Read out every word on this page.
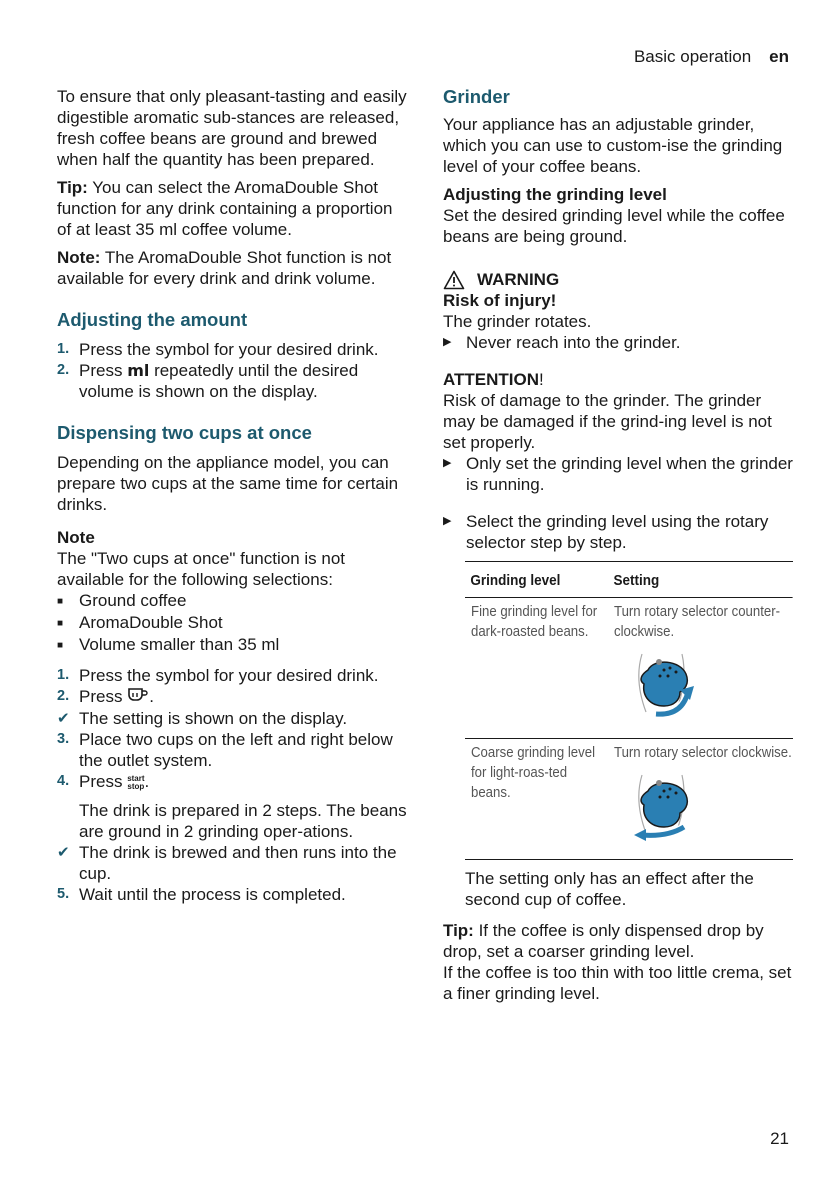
Basic operation en

To ensure that only pleasant-tasting and easily digestible aromatic sub-stances are released, fresh coffee beans are ground and brewed when half the quantity has been prepared.

Tip: You can select the AromaDouble Shot function for any drink containing a proportion of at least 35 ml coffee volume.

Note: The AromaDouble Shot function is not available for every drink and drink volume.

Adjusting the amount
1. Press the symbol for your desired drink.
2. Press ml repeatedly until the desired volume is shown on the display.
Dispensing two cups at once

Depending on the appliance model, you can prepare two cups at the same time for certain drinks.

Note
The "Two cups at once" function is not available for the following selections:
■ Ground coffee
■ AromaDouble Shot
■ Volume smaller than 35 ml
1. Press the symbol for your desired drink.
2. Press .
✔ The setting is shown on the display.
3. Place two cups on the left and right below the outlet system.
4. Press start
stop .
The drink is prepared in 2 steps. The beans are ground in 2 grinding oper-ations.
✔ The drink is brewed and then runs into the cup.
5. Wait until the process is completed.
Grinder

Your appliance has an adjustable grinder, which you can use to custom-ise the grinding level of your coffee beans.

Adjusting the grinding level

Set the desired grinding level while the coffee beans are being ground.

WARNING
Risk of injury!
The grinder rotates.
▶ Never reach into the grinder.
ATTENTION!
Risk of damage to the grinder. The grinder may be damaged if the grind-ing level is not set properly.
▶ Only set the grinding level when the grinder is running.
▶ Select the grinding level using the rotary selector step by step.
Grinding level	Setting
Fine grinding level for dark-roasted beans.
Turn rotary selector counter-clockwise.
Coarse grinding level for light-roas-ted beans.
Turn rotary selector clockwise.
The setting only has an effect after the second cup of coffee.
Tip: If the coffee is only dispensed drop by drop, set a coarser grinding level.
If the coffee is too thin with too little crema, set a finer grinding level.
21
